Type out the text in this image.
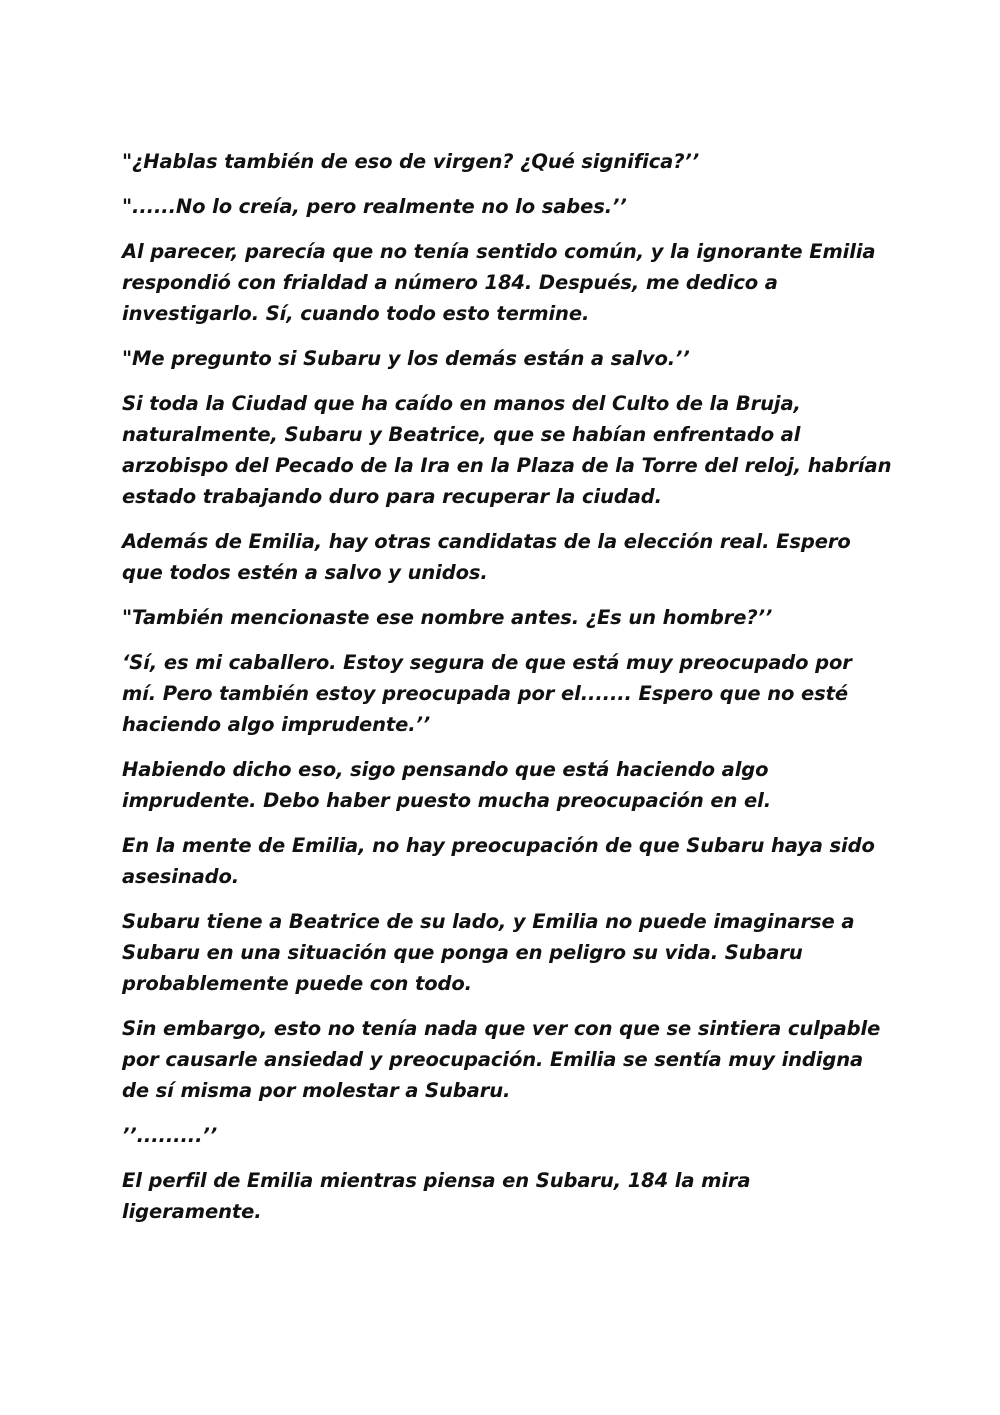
"¿Hablas también de eso de virgen? ¿Qué significa?’’

"......No lo creía, pero realmente no lo sabes.’’

Al parecer, parecía que no tenía sentido común, y la ignorante Emilia respondió con frialdad a número 184. Después, me dedico a investigarlo. Sí, cuando todo esto termine.

"Me pregunto si Subaru y los demás están a salvo.’’

Si toda la Ciudad que ha caído en manos del Culto de la Bruja, naturalmente, Subaru y Beatrice, que se habían enfrentado al arzobispo del Pecado de la Ira en la Plaza de la Torre del reloj, habrían estado trabajando duro para recuperar la ciudad.

Además de Emilia, hay otras candidatas de la elección real. Espero que todos estén a salvo y unidos.

"También mencionaste ese nombre antes. ¿Es un hombre?’’

‘Sí, es mi caballero. Estoy segura de que está muy preocupado por mí. Pero también estoy preocupada por el....... Espero que no esté haciendo algo imprudente.’’

Habiendo dicho eso, sigo pensando que está haciendo algo imprudente. Debo haber puesto mucha preocupación en el.

En la mente de Emilia, no hay preocupación de que Subaru haya sido asesinado.

Subaru tiene a Beatrice de su lado, y Emilia no puede imaginarse a Subaru en una situación que ponga en peligro su vida. Subaru probablemente puede con todo.

Sin embargo, esto no tenía nada que ver con que se sintiera culpable por causarle ansiedad y preocupación. Emilia se sentía muy indigna de sí misma por molestar a Subaru.

’’.........’’

El perfil de Emilia mientras piensa en Subaru, 184 la mira ligeramente.
